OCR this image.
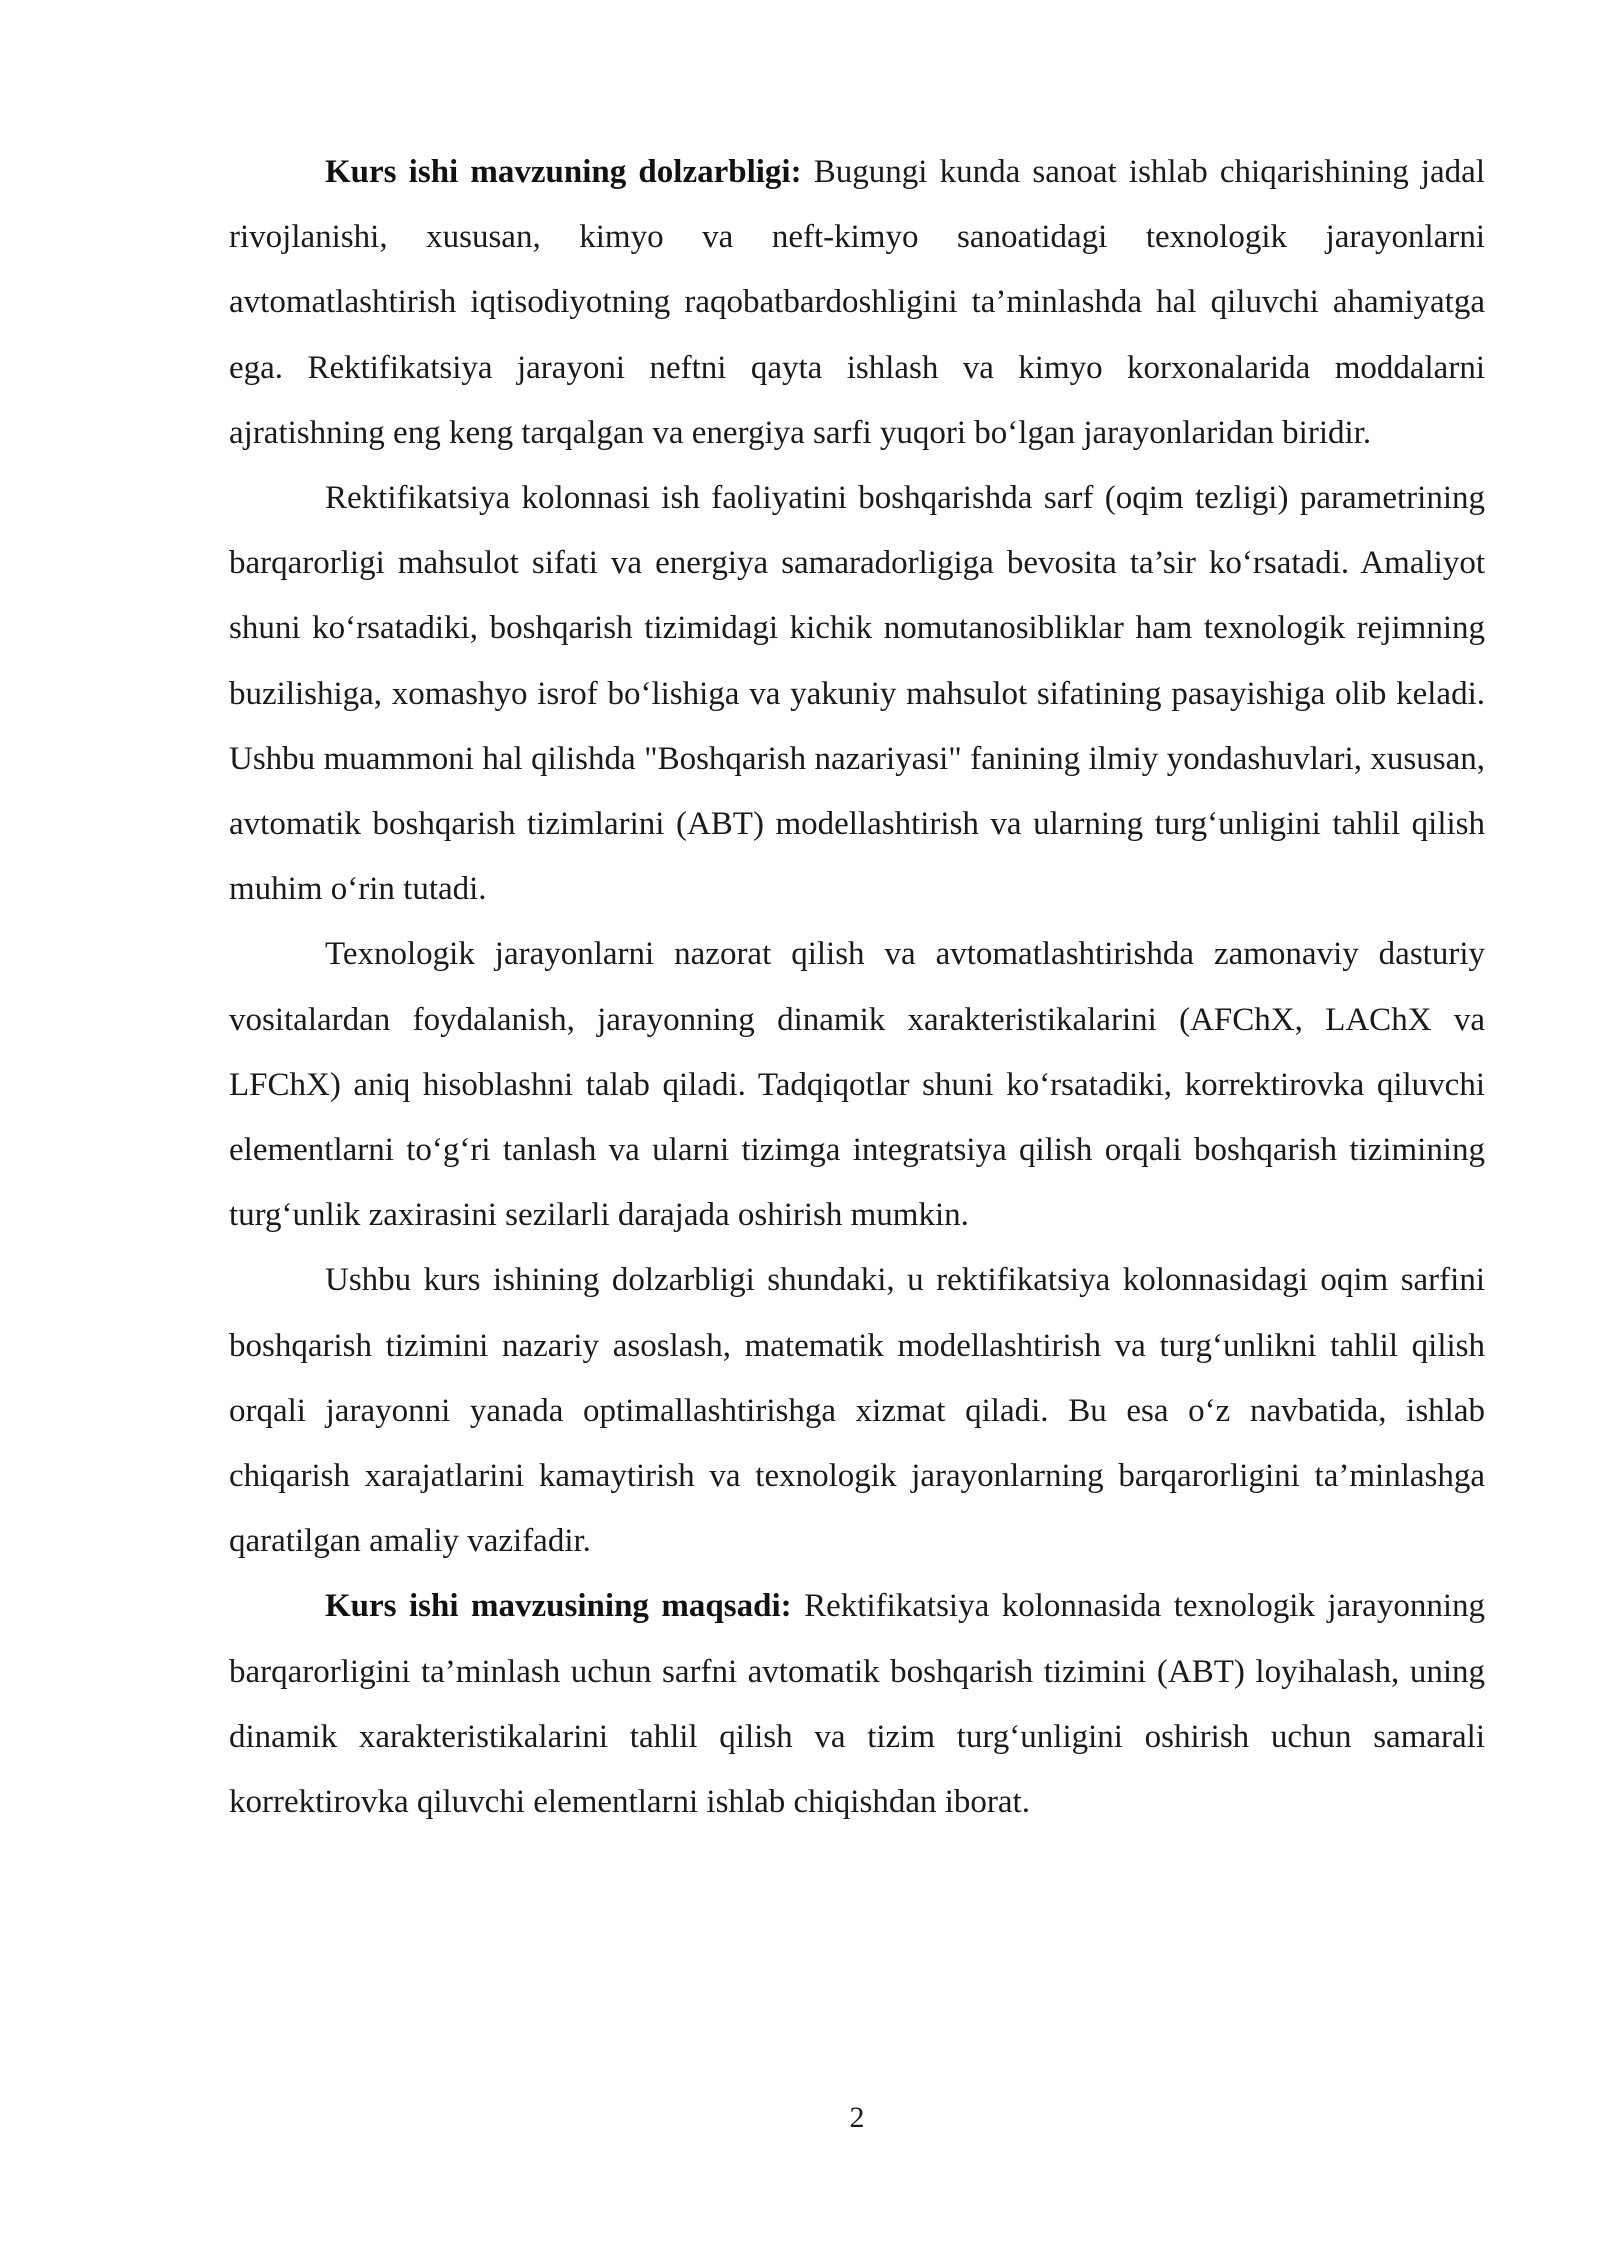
Kurs ishi mavzuning dolzarbligi: Bugungi kunda sanoat ishlab chiqarishining jadal rivojlanishi, xususan, kimyo va neft-kimyo sanoatidagi texnologik jarayonlarni avtomatlashtirish iqtisodiyotning raqobatbardoshligini ta’minlashda hal qiluvchi ahamiyatga ega. Rektifikatsiya jarayoni neftni qayta ishlash va kimyo korxonalarida moddalarni ajratishning eng keng tarqalgan va energiya sarfi yuqori bo‘lgan jarayonlaridan biridir.

Rektifikatsiya kolonnasi ish faoliyatini boshqarishda sarf (oqim tezligi) parametrining barqarorligi mahsulot sifati va energiya samaradorligiga bevosita ta’sir ko‘rsatadi. Amaliyot shuni ko‘rsatadiki, boshqarish tizimidagi kichik nomutanosibliklar ham texnologik rejimning buzilishiga, xomashyo isrof bo‘lishiga va yakuniy mahsulot sifatining pasayishiga olib keladi. Ushbu muammoni hal qilishda "Boshqarish nazariyasi" fanining ilmiy yondashuvlari, xususan, avtomatik boshqarish tizimlarini (ABT) modellashtirish va ularning turg‘unligini tahlil qilish muhim o‘rin tutadi.

Texnologik jarayonlarni nazorat qilish va avtomatlashtirishda zamonaviy dasturiy vositalardan foydalanish, jarayonning dinamik xarakteristikalarini (AFChX, LAChX va LFChX) aniq hisoblashni talab qiladi. Tadqiqotlar shuni ko‘rsatadiki, korrektirovka qiluvchi elementlarni to‘g‘ri tanlash va ularni tizimga integratsiya qilish orqali boshqarish tizimining turg‘unlik zaxirasini sezilarli darajada oshirish mumkin.

Ushbu kurs ishining dolzarbligi shundaki, u rektifikatsiya kolonnasidagi oqim sarfini boshqarish tizimini nazariy asoslash, matematik modellashtirish va turg‘unlikni tahlil qilish orqali jarayonni yanada optimallashtirishga xizmat qiladi. Bu esa o‘z navbatida, ishlab chiqarish xarajatlarini kamaytirish va texnologik jarayonlarning barqarorligini ta’minlashga qaratilgan amaliy vazifadir.

Kurs ishi mavzusining maqsadi: Rektifikatsiya kolonnasida texnologik jarayonning barqarorligini ta’minlash uchun sarfni avtomatik boshqarish tizimini (ABT) loyihalash, uning dinamik xarakteristikalarini tahlil qilish va tizim turg‘unligini oshirish uchun samarali korrektirovka qiluvchi elementlarni ishlab chiqishdan iborat.

2
